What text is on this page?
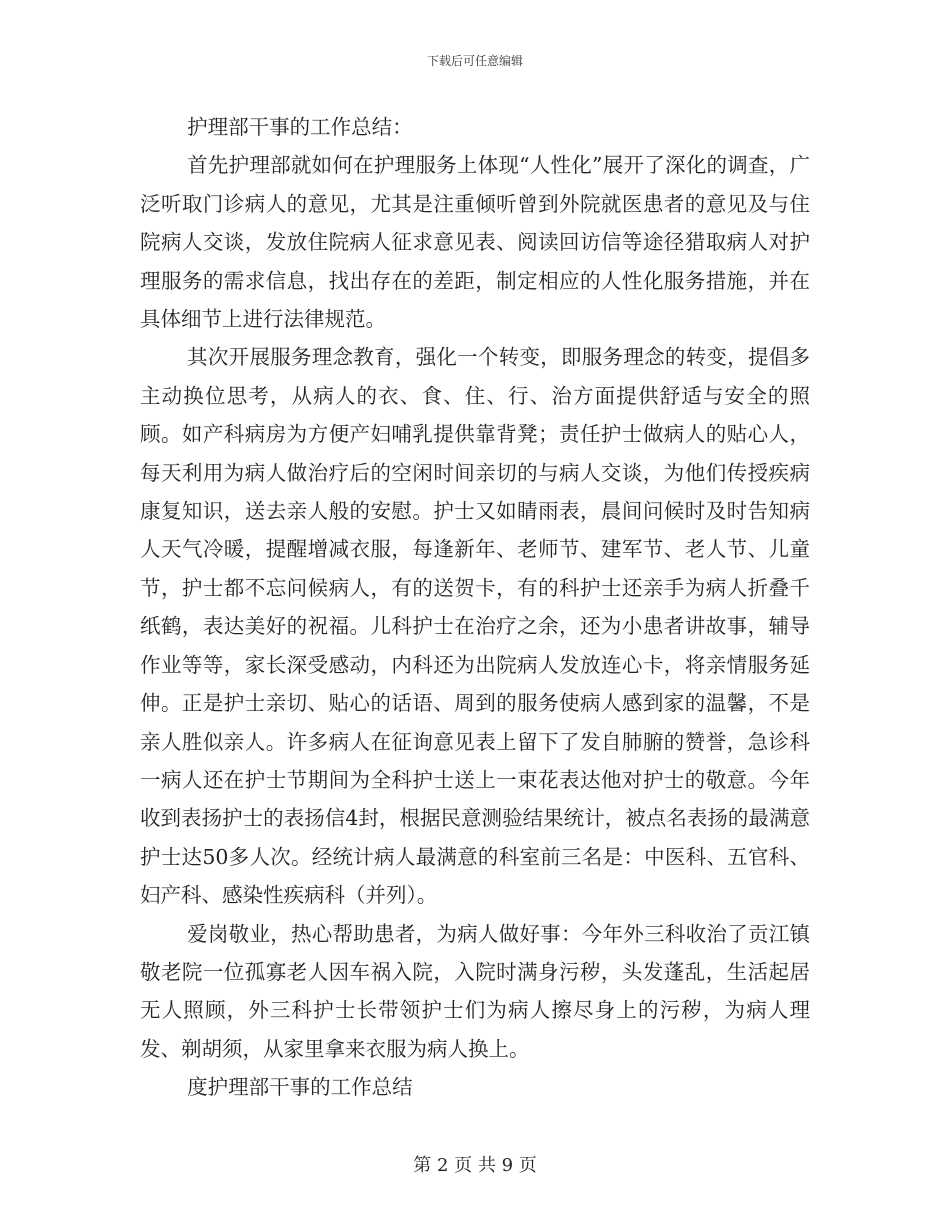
下载后可任意编辑

护理部干事的工作总结：

首先护理部就如何在护理服务上体现“人性化”展开了深化的调查，广泛听取门诊病人的意见，尤其是注重倾听曾到外院就医患者的意见及与住院病人交谈，发放住院病人征求意见表、阅读回访信等途径猎取病人对护理服务的需求信息，找出存在的差距，制定相应的人性化服务措施，并在具体细节上进行法律规范。

其次开展服务理念教育，强化一个转变，即服务理念的转变，提倡多主动换位思考，从病人的衣、食、住、行、治方面提供舒适与安全的照顾。如产科病房为方便产妇哺乳提供靠背凳；责任护士做病人的贴心人，每天利用为病人做治疗后的空闲时间亲切的与病人交谈，为他们传授疾病康复知识，送去亲人般的安慰。护士又如睛雨表，晨间问候时及时告知病人天气冷暖，提醒增减衣服，每逢新年、老师节、建军节、老人节、儿童节，护士都不忘问候病人，有的送贺卡，有的科护士还亲手为病人折叠千纸鹤，表达美好的祝福。儿科护士在治疗之余，还为小患者讲故事，辅导作业等等，家长深受感动，内科还为出院病人发放连心卡，将亲情服务延伸。正是护士亲切、贴心的话语、周到的服务使病人感到家的温馨，不是亲人胜似亲人。许多病人在征询意见表上留下了发自肺腑的赞誉，急诊科一病人还在护士节期间为全科护士送上一束花表达他对护士的敬意。今年收到表扬护士的表扬信4封，根据民意测验结果统计，被点名表扬的最满意护士达50多人次。经统计病人最满意的科室前三名是：中医科、五官科、妇产科、感染性疾病科（并列）。

爱岗敬业，热心帮助患者，为病人做好事：今年外三科收治了贡江镇敬老院一位孤寡老人因车祸入院，入院时满身污秽，头发蓬乱，生活起居无人照顾，外三科护士长带领护士们为病人擦尽身上的污秽，为病人理发、剃胡须，从家里拿来衣服为病人换上。

度护理部干事的工作总结

第 2 页 共 9 页
